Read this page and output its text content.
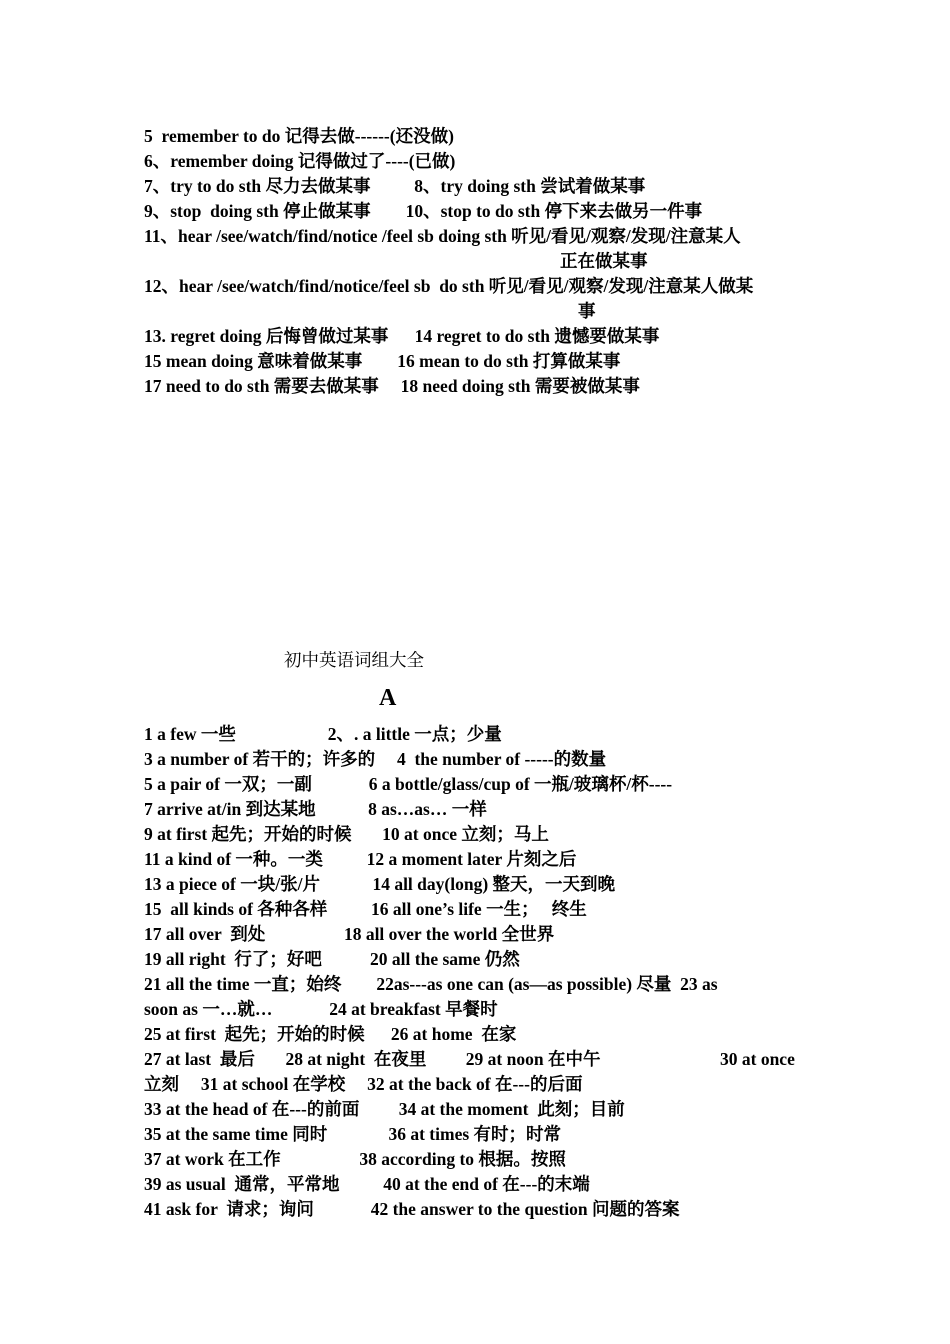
5  remember to do 记得去做------(还没做)
6、remember doing 记得做过了----(已做)
7、try to do sth 尽力去做某事          8、try doing sth 尝试着做某事
9、stop  doing sth 停止做某事        10、stop to do sth 停下来去做另一件事
11、hear /see/watch/find/notice /feel sb doing sth 听见/看见/观察/发现/注意某人
正在做某事
12、hear /see/watch/find/notice/feel sb  do sth 听见/看见/观察/发现/注意某人做某
事
13. regret doing 后悔曾做过某事      14 regret to do sth 遗憾要做某事
15 mean doing 意味着做某事        16 mean to do sth 打算做某事
17 need to do sth 需要去做某事     18 need doing sth 需要被做某事
初中英语词组大全
A
1 a few 一些                     2、. a little 一点；少量
3 a number of 若干的；许多的     4  the number of -----的数量
5 a pair of 一双；一副             6 a bottle/glass/cup of 一瓶/玻璃杯/杯----
7 arrive at/in 到达某地            8 as…as… 一样
9 at first 起先；开始的时候       10 at once 立刻；马上
11 a kind of 一种。一类          12 a moment later 片刻之后
13 a piece of 一块/张/片            14 all day(long) 整天，一天到晚
15  all kinds of 各种各样          16 all one’s life 一生；   终生
17 all over  到处                  18 all over the world 全世界
19 all right  行了；好吧           20 all the same 仍然
21 all the time 一直；始终        22as---as one can (as—as possible) 尽量  23 as
soon as 一…就…             24 at breakfast 早餐时
25 at first  起先；开始的时候      26 at home  在家
27 at last  最后       28 at night  在夜里         29 at noon 在中午	30 at once
立刻     31 at school 在学校     32 at the back of 在---的后面
33 at the head of 在---的前面         34 at the moment  此刻；目前
35 at the same time 同时              36 at times 有时；时常
37 at work 在工作                  38 according to 根据。按照
39 as usual  通常，平常地          40 at the end of 在---的末端
41 ask for  请求；询问             42 the answer to the question 问题的答案
